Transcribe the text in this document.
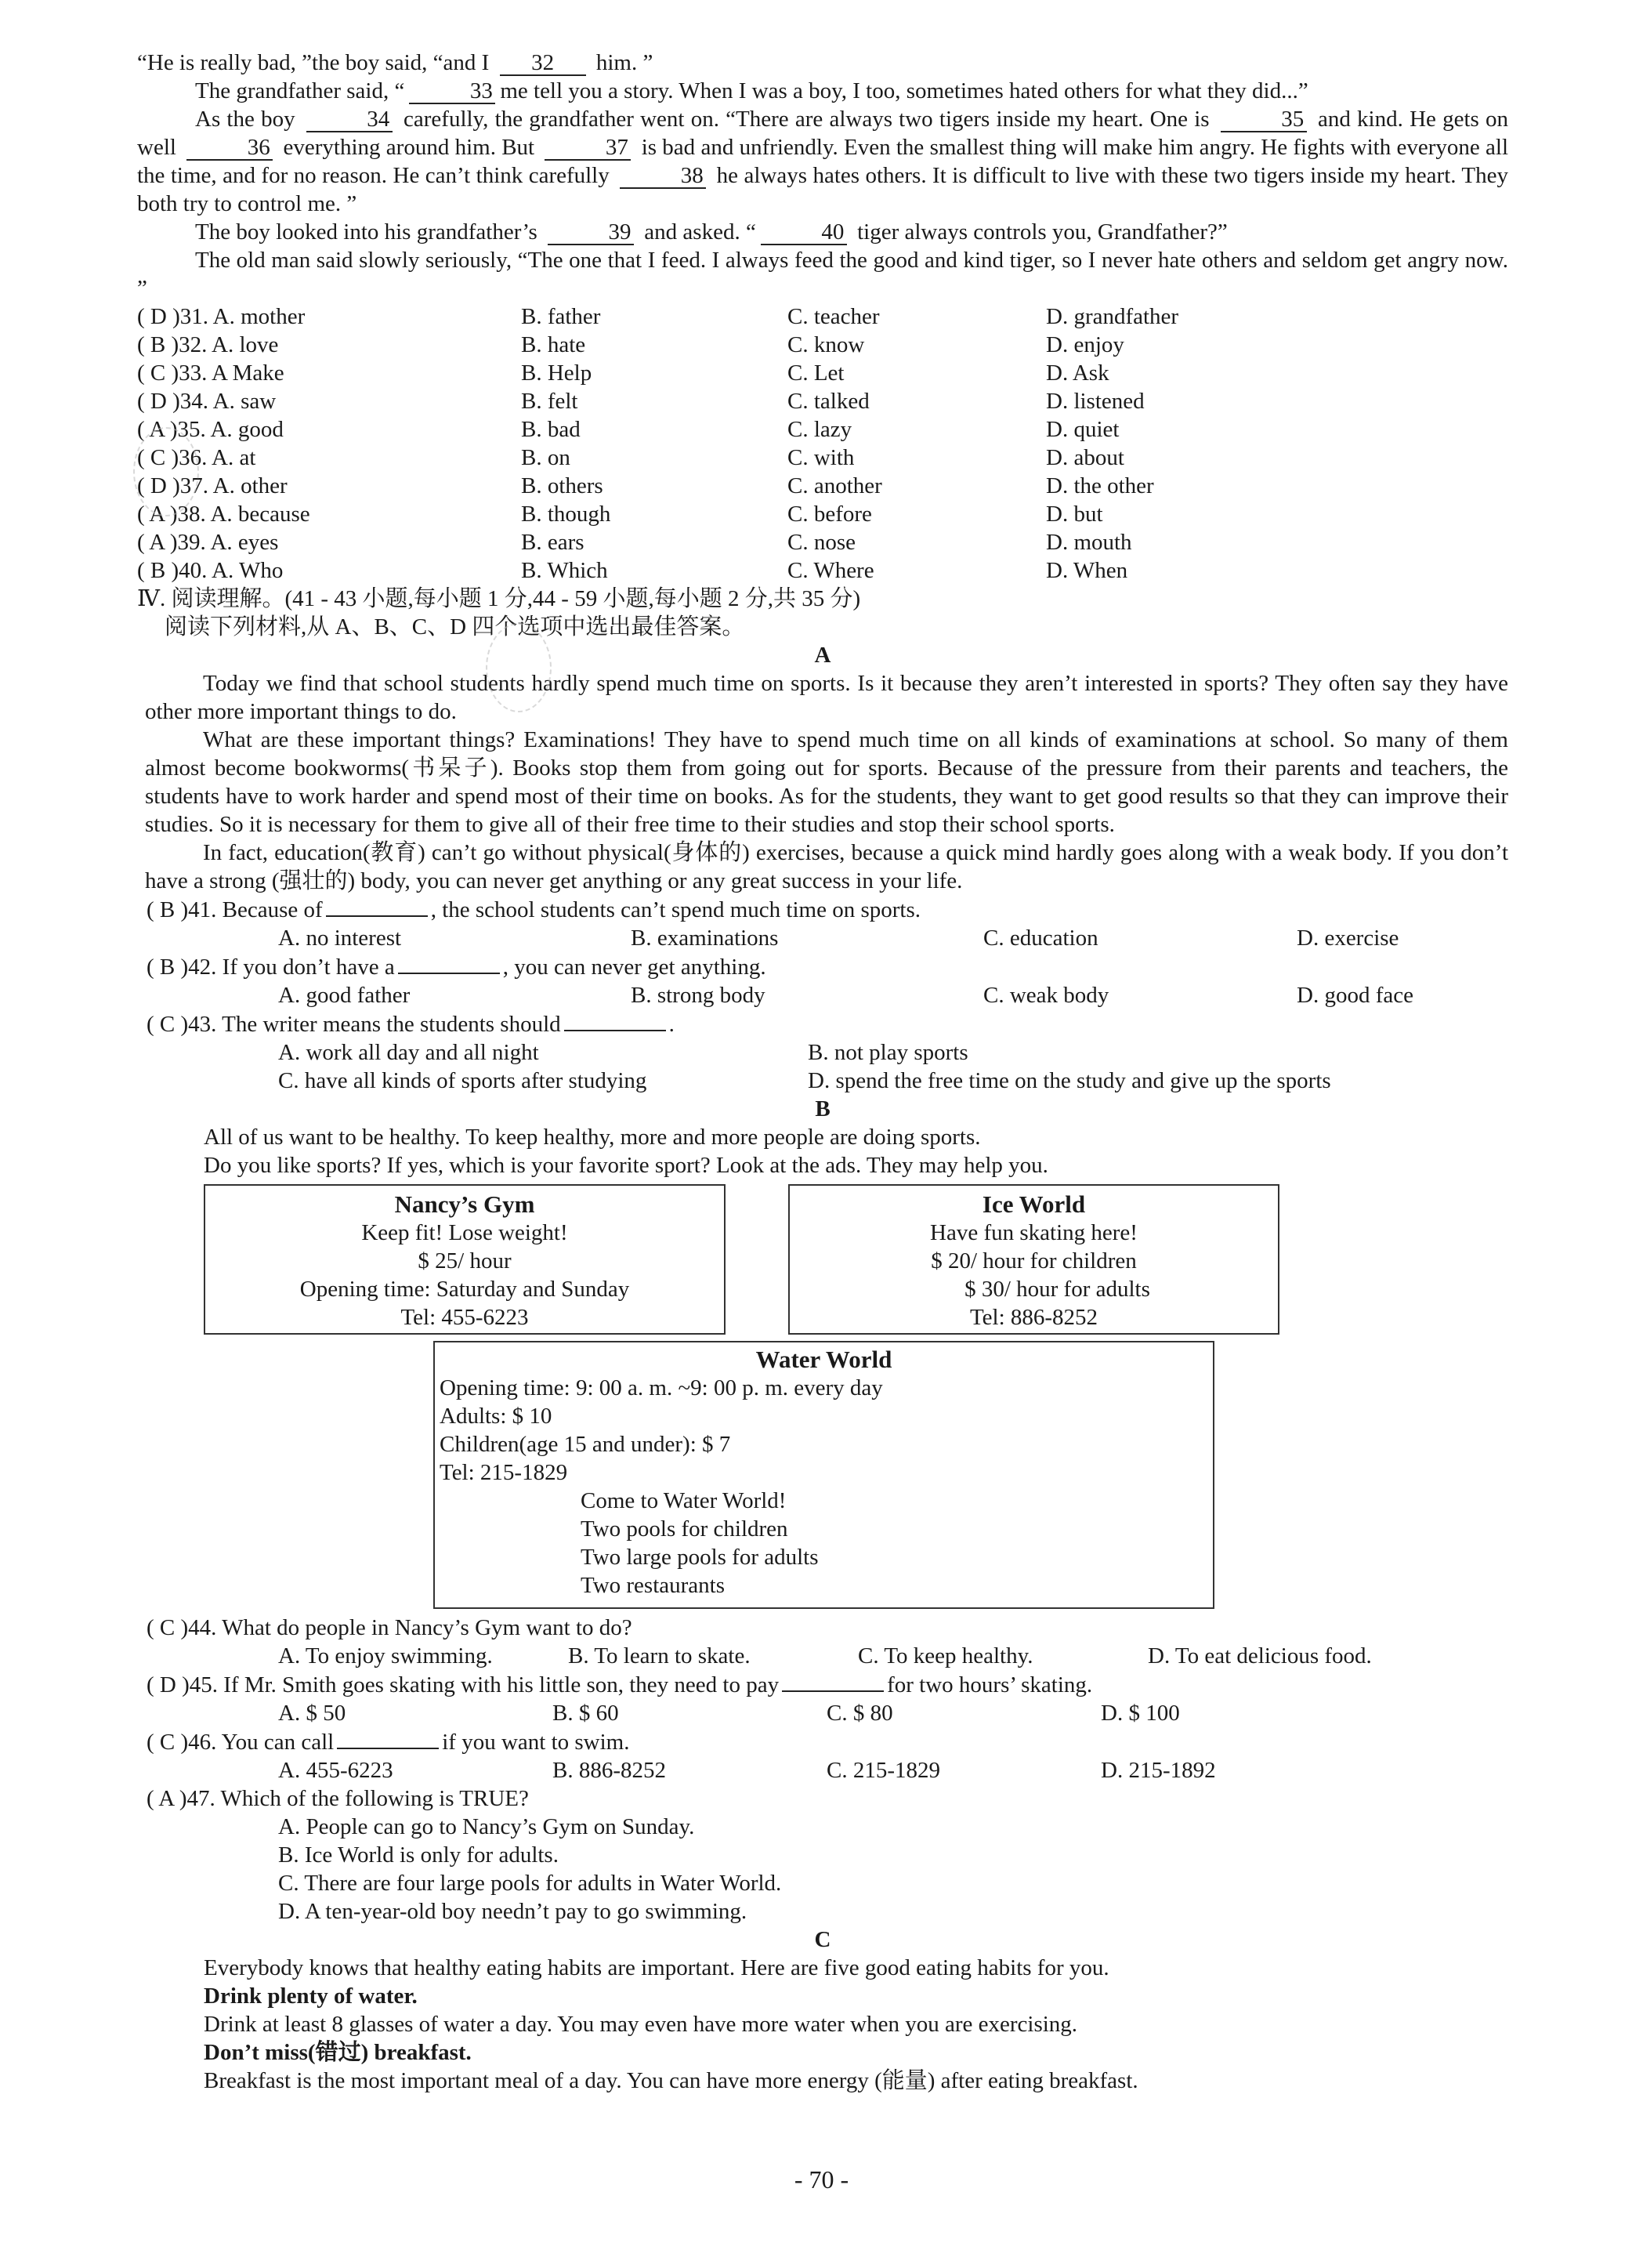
“He is really bad, ”the boy said, “and I 32 him. ”

The grandfather said, “	33 me tell you a story. When I was a boy, I too, sometimes hated others for what they did...”

As the boy	34 carefully, the grandfather went on. “There are always two tigers inside my heart. One is	35 and kind. He gets on well	36 everything around him. But	37 is bad and unfriendly. Even the smallest thing will make him angry. He fights with everyone all the time, and for no reason. He can’t think carefully	38 he always hates others. It is difficult to live with these two tigers inside my heart. They both try to control me. ”

The boy looked into his grandfather’s	39 and asked. “	40 tiger always controls you, Grandfather?”

The old man said slowly seriously, “The one that I feed. I always feed the good and kind tiger, so I never hate others and seldom get angry now. ”

( D )31. A. mother	B. father	C. teacher	D. grandfather
( B )32. A. love	B. hate	C. know	D. enjoy
( C )33. A Make	B. Help	C. Let	D. Ask
( D )34. A. saw	B. felt	C. talked	D. listened
( A )35. A. good	B. bad	C. lazy	D. quiet
( C )36. A. at	B. on	C. with	D. about
( D )37. A. other	B. others	C. another	D. the other
( A )38. A. because	B. though	C. before	D. but
( A )39. A. eyes	B. ears	C. nose	D. mouth
( B )40. A. Who	B. Which	C. Where	D. When

Ⅳ. 阅读理解。(41 - 43 小题,每小题 1 分,44 - 59 小题,每小题 2 分,共 35 分)

阅读下列材料,从 A、B、C、D 四个选项中选出最佳答案。

A

Today we find that school students hardly spend much time on sports. Is it because they aren’t interested in sports? They often say they have other more important things to do.

What are these important things? Examinations! They have to spend much time on all kinds of examinations at school. So many of them almost become bookworms(书呆子). Books stop them from going out for sports. Because of the pressure from their parents and teachers, the students have to work harder and spend most of their time on books. As for the students, they want to get good results so that they can improve their studies. So it is necessary for them to give all of their free time to their studies and stop their school sports.

In fact, education(教育) can’t go without physical(身体的) exercises, because a quick mind hardly goes along with a weak body. If you don’t have a strong (强壮的) body, you can never get anything or any great success in your life.

( B )41. Because of	, the school students can’t spend much time on sports.

A. no interest	B. examinations	C. education	D. exercise

( B )42. If you don’t have a	, you can never get anything.

A. good father	B. strong body	C. weak body	D. good face

( C )43. The writer means the students should	.

A. work all day and all night	B. not play sports
C. have all kinds of sports after studying	D. spend the free time on the study and give up the sports

B

All of us want to be healthy. To keep healthy, more and more people are doing sports.

Do you like sports? If yes, which is your favorite sport? Look at the ads. They may help you.

Nancy’s Gym

Keep fit! Lose weight!

$ 25/ hour

Opening time: Saturday and Sunday

Tel: 455-6223

Ice World

Have fun skating here!

$ 20/ hour for children

$ 30/ hour for adults

Tel: 886-8252

Water World

Opening time: 9: 00 a. m. ~9: 00 p. m. every day

Adults: $ 10

Children(age 15 and under): $ 7

Tel: 215-1829

Come to Water World!

Two pools for children

Two large pools for adults

Two restaurants

( C )44. What do people in Nancy’s Gym want to do?

A. To enjoy swimming.	B. To learn to skate.	C. To keep healthy.	D. To eat delicious food.

( D )45. If Mr. Smith goes skating with his little son, they need to pay	for two hours’ skating.

A. $ 50	B. $ 60	C. $ 80	D. $ 100

( C )46. You can call	if you want to swim.

A. 455-6223	B. 886-8252	C. 215-1829	D. 215-1892

( A )47. Which of the following is TRUE?

A. People can go to Nancy’s Gym on Sunday.

B. Ice World is only for adults.

C. There are four large pools for adults in Water World.

D. A ten-year-old boy needn’t pay to go swimming.

C

Everybody knows that healthy eating habits are important. Here are five good eating habits for you.

Drink plenty of water.

Drink at least 8 glasses of water a day. You may even have more water when you are exercising.

Don’t miss(错过) breakfast.

Breakfast is the most important meal of a day. You can have more energy (能量) after eating breakfast.

- 70 -
